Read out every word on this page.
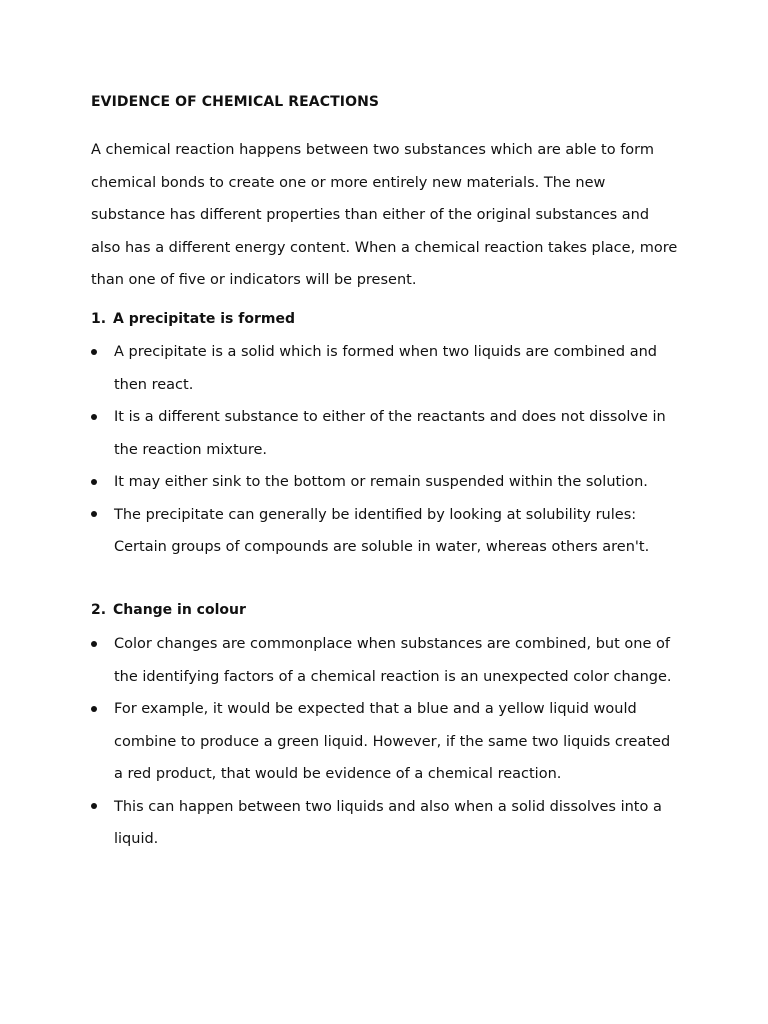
EVIDENCE OF CHEMICAL REACTIONS

A chemical reaction happens between two substances which are able to form chemical bonds to create one or more entirely new materials. The new substance has different properties than either of the original substances and also has a different energy content. When a chemical reaction takes place, more than one of five or indicators will be present.

1. A precipitate is formed
A precipitate is a solid which is formed when two liquids are combined and then react.
It is a different substance to either of the reactants and does not dissolve in the reaction mixture.
It may either sink to the bottom or remain suspended within the solution.
The precipitate can generally be identified by looking at solubility rules: Certain groups of compounds are soluble in water, whereas others aren't.
2. Change in colour
Color changes are commonplace when substances are combined, but one of the identifying factors of a chemical reaction is an unexpected color change.
For example, it would be expected that a blue and a yellow liquid would combine to produce a green liquid. However, if the same two liquids created a red product, that would be evidence of a chemical reaction.
This can happen between two liquids and also when a solid dissolves into a liquid.
